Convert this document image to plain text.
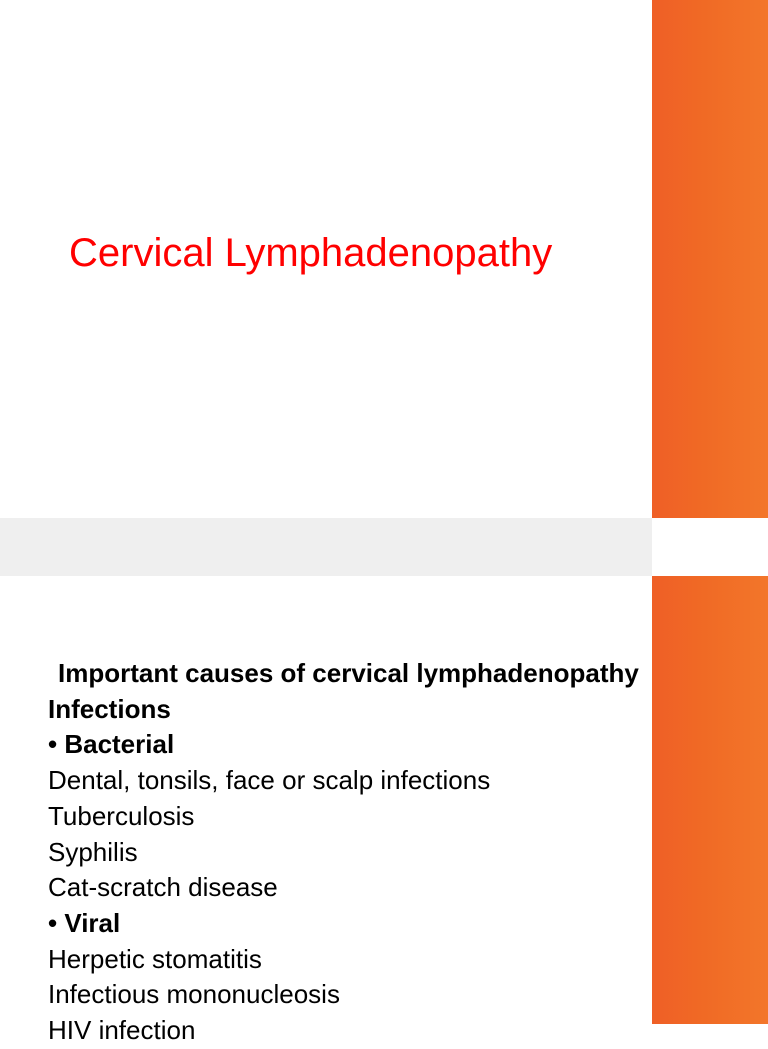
Cervical Lymphadenopathy
Important causes of cervical lymphadenopathy
Infections
• Bacterial
Dental, tonsils, face or scalp infections
Tuberculosis
Syphilis
Cat-scratch disease
• Viral
Herpetic stomatitis
Infectious mononucleosis
HIV infection
